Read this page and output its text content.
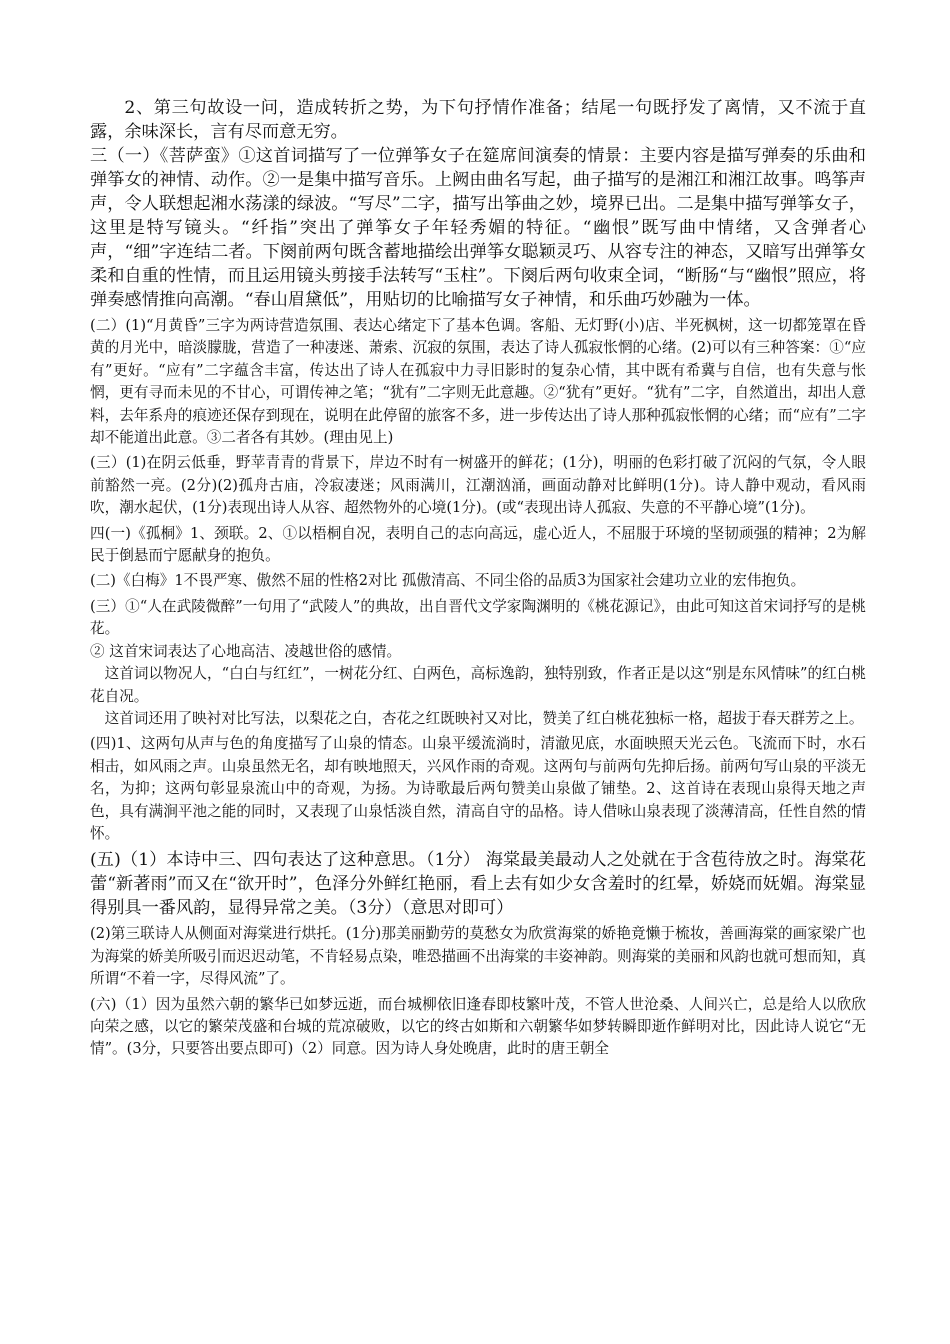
2、第三句故设一问，造成转折之势，为下句抒情作准备；结尾一句既抒发了离情，又不流于直露，余味深长，言有尽而意无穷。

三（一）《菩萨蛮》①这首词描写了一位弹筝女子在筵席间演奏的情景：主要内容是描写弹奏的乐曲和弹筝女的神情、动作。②一是集中描写音乐。上阙由曲名写起，曲子描写的是湘江和湘江故事。鸣筝声声，令人联想起湘水荡漾的绿波。“写尽”二字，描写出筝曲之妙，境界已出。二是集中描写弹筝女子，这里是特写镜头。“纤指”突出了弹筝女子年轻秀媚的特征。“幽恨”既写曲中情绪，又含弹者心声，“细”字连结二者。下阕前两句既含蓄地描绘出弹筝女聪颖灵巧、从容专注的神态，又暗写出弹筝女柔和自重的性情，而且运用镜头剪接手法转写“玉柱”。下阕后两句收束全词，“断肠“与“幽恨”照应，将弹奏感情推向高潮。“春山眉黛低”，用贴切的比喻描写女子神情，和乐曲巧妙融为一体。

(二）(1)“月黄昏”三字为两诗营造氛围、表达心绪定下了基本色调。客船、无灯野(小)店、半死枫树，这一切都笼罩在昏黄的月光中，暗淡朦胧，营造了一种凄迷、萧索、沉寂的氛围，表达了诗人孤寂怅惘的心绪。(2)可以有三种答案：①“应有”更好。“应有”二字蕴含丰富，传达出了诗人在孤寂中力寻旧影时的复杂心情，其中既有希冀与自信，也有失意与怅惘，更有寻而未见的不甘心，可谓传神之笔；“犹有”二字则无此意趣。②“犹有”更好。“犹有”二字，自然道出，却出人意料，去年系舟的痕迹还保存到现在，说明在此停留的旅客不多，进一步传达出了诗人那种孤寂怅惘的心绪；而“应有”二字却不能道出此意。③二者各有其妙。(理由见上)

(三）(1)在阴云低垂，野苹青青的背景下，岸边不时有一树盛开的鲜花；(1分)，明丽的色彩打破了沉闷的气氛，令人眼前豁然一亮。(2分)(2)孤舟古庙，冷寂凄迷；风雨满川，江潮汹涌，画面动静对比鲜明(1分)。诗人静中观动，看风雨吹，潮水起伏，(1分)表现出诗人从容、超然物外的心境(1分)。(或“表现出诗人孤寂、失意的不平静心境”(1分)。

四(一)《孤桐》1、颈联。2、①以梧桐自况，表明自己的志向高远，虚心近人，不屈服于环境的坚韧顽强的精神；2为解民于倒悬而宁愿献身的抱负。

(二)《白梅》1不畏严寒、傲然不屈的性格2对比 孤傲清高、不同尘俗的品质3为国家社会建功立业的宏伟抱负。

(三）①“人在武陵微醉”一句用了“武陵人”的典故，出自晋代文学家陶渊明的《桃花源记》，由此可知这首宋词抒写的是桃花。

② 这首宋词表达了心地高洁、凌越世俗的感情。

这首词以物况人，“白白与红红”，一树花分红、白两色，高标逸韵，独特别致，作者正是以这“别是东风情味”的红白桃花自况。

这首词还用了映衬对比写法，以梨花之白，杏花之红既映衬又对比，赞美了红白桃花独标一格，超拔于春天群芳之上。

(四)1、这两句从声与色的角度描写了山泉的情态。山泉平缓流淌时，清澈见底，水面映照天光云色。飞流而下时，水石相击，如风雨之声。山泉虽然无名，却有映地照天，兴风作雨的奇观。这两句与前两句先抑后扬。前两句写山泉的平淡无名，为抑；这两句彰显泉流山中的奇观，为扬。为诗歌最后两句赞美山泉做了铺垫。2、这首诗在表现山泉得天地之声色，具有满涧平池之能的同时，又表现了山泉恬淡自然，清高自守的品格。诗人借咏山泉表现了淡薄清高，任性自然的情怀。

(五)（1）本诗中三、四句表达了这种意思。（1分） 海棠最美最动人之处就在于含苞待放之时。海棠花蕾“新著雨”而又在“欲开时”，色泽分外鲜红艳丽，看上去有如少女含羞时的红晕，娇娆而妩媚。海棠显得别具一番风韵，显得异常之美。（3分）（意思对即可）

(2)第三联诗人从侧面对海棠进行烘托。(1分)那美丽勤劳的莫愁女为欣赏海棠的娇艳竟懒于梳妆，善画海棠的画家梁广也为海棠的娇美所吸引而迟迟动笔，不肯轻易点染，唯恐描画不出海棠的丰姿神韵。则海棠的美丽和风韵也就可想而知，真所谓“不着一字，尽得风流”了。

(六)（1）因为虽然六朝的繁华已如梦远逝，而台城柳依旧逢春即枝繁叶茂，不管人世沧桑、人间兴亡，总是给人以欣欣向荣之感，以它的繁荣茂盛和台城的荒凉破败，以它的终古如斯和六朝繁华如梦转瞬即逝作鲜明对比，因此诗人说它“无情”。(3分，只要答出要点即可)（2）同意。因为诗人身处晚唐，此时的唐王朝全
